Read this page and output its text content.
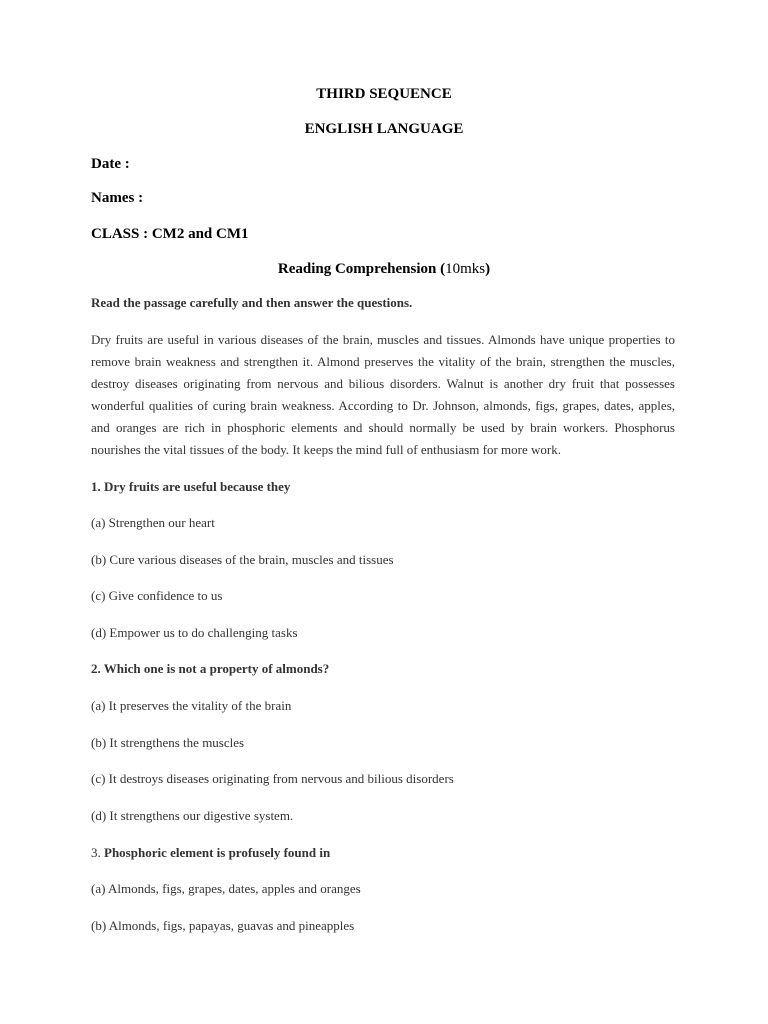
THIRD SEQUENCE
ENGLISH LANGUAGE
Date :
Names :
CLASS : CM2 and CM1
Reading Comprehension (10mks)
Read the passage carefully and then answer the questions.
Dry fruits are useful in various diseases of the brain, muscles and tissues. Almonds have unique properties to remove brain weakness and strengthen it. Almond preserves the vitality of the brain, strengthen the muscles, destroy diseases originating from nervous and bilious disorders. Walnut is another dry fruit that possesses wonderful qualities of curing brain weakness. According to Dr. Johnson, almonds, figs, grapes, dates, apples, and oranges are rich in phosphoric elements and should normally be used by brain workers. Phosphorus nourishes the vital tissues of the body. It keeps the mind full of enthusiasm for more work.
1. Dry fruits are useful because they
(a) Strengthen our heart
(b) Cure various diseases of the brain, muscles and tissues
(c) Give confidence to us
(d) Empower us to do challenging tasks
2. Which one is not a property of almonds?
(a) It preserves the vitality of the brain
(b) It strengthens the muscles
(c) It destroys diseases originating from nervous and bilious disorders
(d) It strengthens our digestive system.
3. Phosphoric element is profusely found in
(a) Almonds, figs, grapes, dates, apples and oranges
(b) Almonds, figs, papayas, guavas and pineapples
